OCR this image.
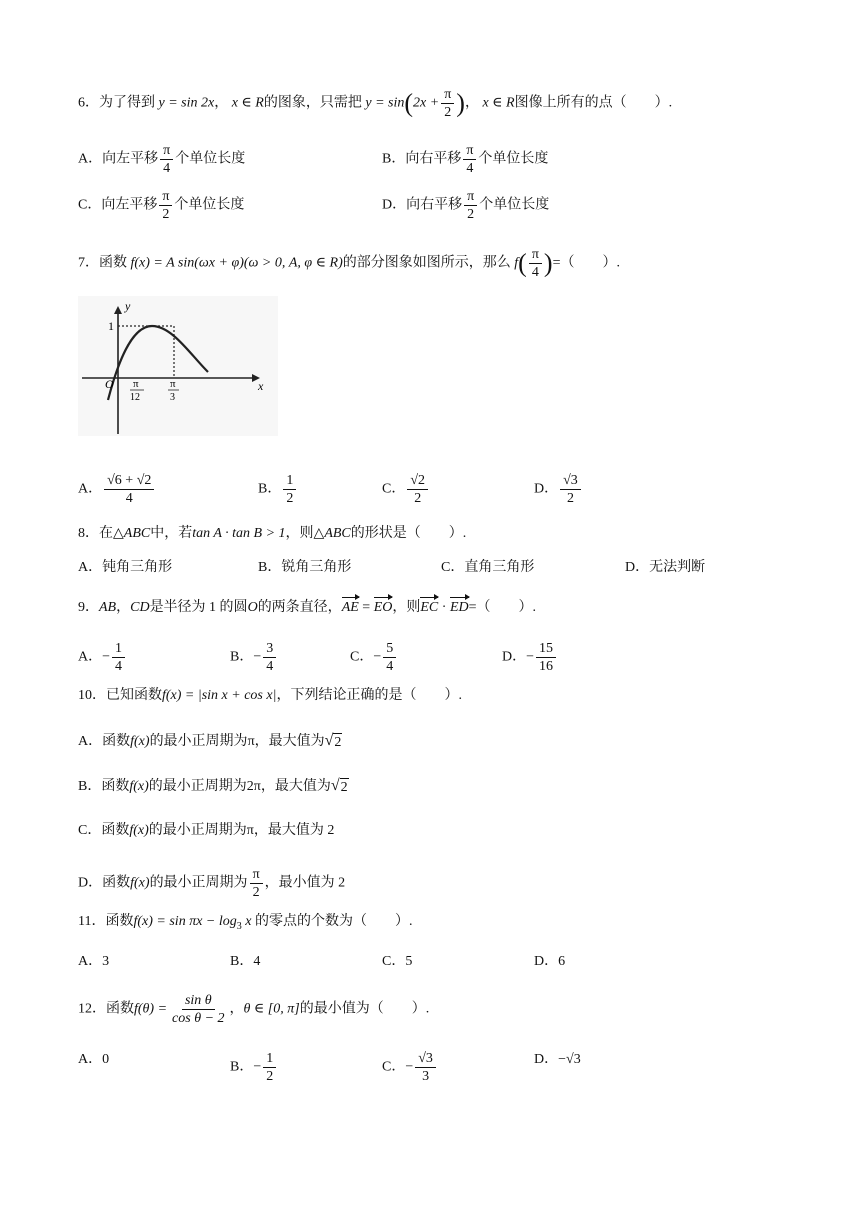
6．为了得到 y = sin 2x， x ∈ R的图象，只需把 $y = \sin(2x + \frac{\pi}{2}$ )， x ∈ R图像上所有的点（　　）.
A．向左平移 $\frac{\pi}{4}$ 个单位长度	B．向右平移 $\frac{\pi}{4}$ 个单位长度
C．向左平移 $\frac{\pi}{2}$ 个单位长度	D．向右平移 $\frac{\pi}{2}$ 个单位长度
7．函数 f(x) = A sin(ωx + φ)(ω > 0, A, φ ∈ R)的部分图象如图所示，那么 $f( \frac{\pi}{4}$ )=（　　）.
y
x
1
O π
12
π
3
A． $\frac{√6 + √2}{4}$	B． $\frac{1}{2}$	C． $\frac{√2}{2}$	D． $\frac{√3}{2}$
8．在△ABC中，若tan A · tan B > 1，则△ABC的形状是（　　）.
A．钝角三角形	B．锐角三角形	C．直角三角形	D．无法判断
9．AB，CD是半径为 1 的圆O的两条直径，AE = EO，则EC · ED=（　　）.
A．− $\frac{1}{4}$	B．− $\frac{3}{4}$	C．− $\frac{5}{4}$	D．− $\frac{15}{16}$
10．已知函数f(x) = |sin x + cos x|，下列结论正确的是（　　）.
A．函数f(x)的最小正周期为π，最大值为 √ 2
B．函数f(x)的最小正周期为2π，最大值为 √ 2
C．函数f(x)的最小正周期为π，最大值为 2
D．函数f(x)的最小正周期为 $\frac{\pi}{2}$ ，最小值为 2
11．函数$f(x) = \sin \pi x - \log_3 x$ 的零点的个数为（　　）.
A．3	B．4	C．5	D．6
12．函数$f(\theta) = \frac{\text{sin θ}}{\text{cos θ − 2}}$ ，θ ∈ [0, π]的最小值为（　　）.
A．0
B．− $\frac{1}{2}$	C．− $\frac{√3}{3}$	D．−√3
